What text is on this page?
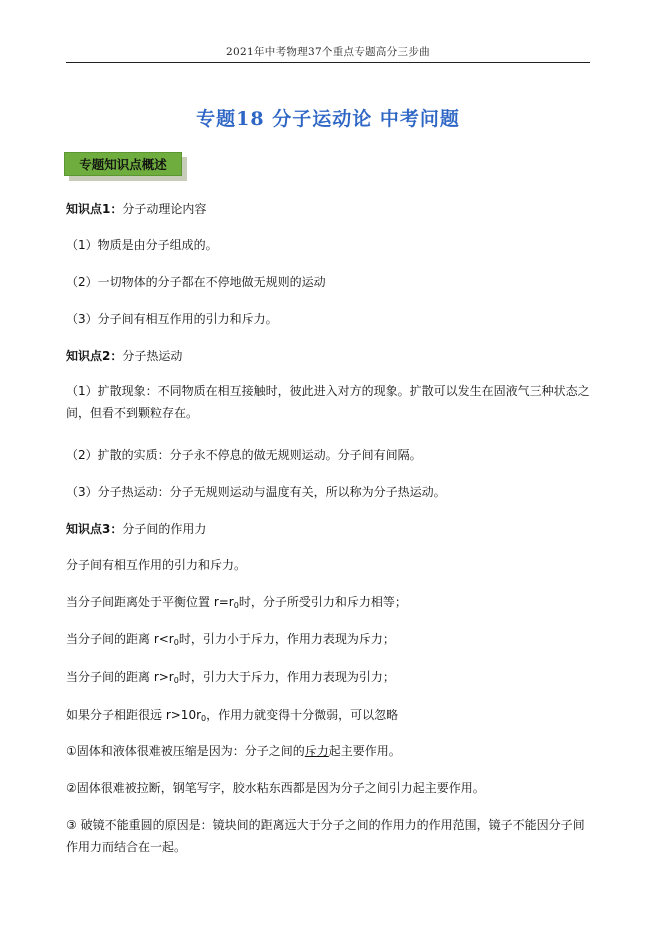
2021年中考物理37个重点专题高分三步曲
专题18 分子运动论 中考问题
专题知识点概述
知识点1：分子动理论内容
（1）物质是由分子组成的。
（2）一切物体的分子都在不停地做无规则的运动
（3）分子间有相互作用的引力和斥力。
知识点2：分子热运动
（1）扩散现象：不同物质在相互接触时，彼此进入对方的现象。扩散可以发生在固液气三种状态之间，但看不到颗粒存在。
（2）扩散的实质：分子永不停息的做无规则运动。分子间有间隔。
（3）分子热运动：分子无规则运动与温度有关，所以称为分子热运动。
知识点3：分子间的作用力
分子间有相互作用的引力和斥力。
当分子间距离处于平衡位置 $r=r_0$时，分子所受引力和斥力相等；
当分子间的距离 $r<r_0$时，引力小于斥力，作用力表现为斥力；
当分子间的距离 $r>r_0$时，引力大于斥力，作用力表现为引力；
如果分子相距很远 $r>10r_0$，作用力就变得十分微弱，可以忽略
①固体和液体很难被压缩是因为：分子之间的斥力起主要作用。
②固体很难被拉断，钢笔写字，胶水粘东西都是因为分子之间引力起主要作用。
③ 破镜不能重圆的原因是：镜块间的距离远大于分子之间的作用力的作用范围，镜子不能因分子间作用力而结合在一起。
